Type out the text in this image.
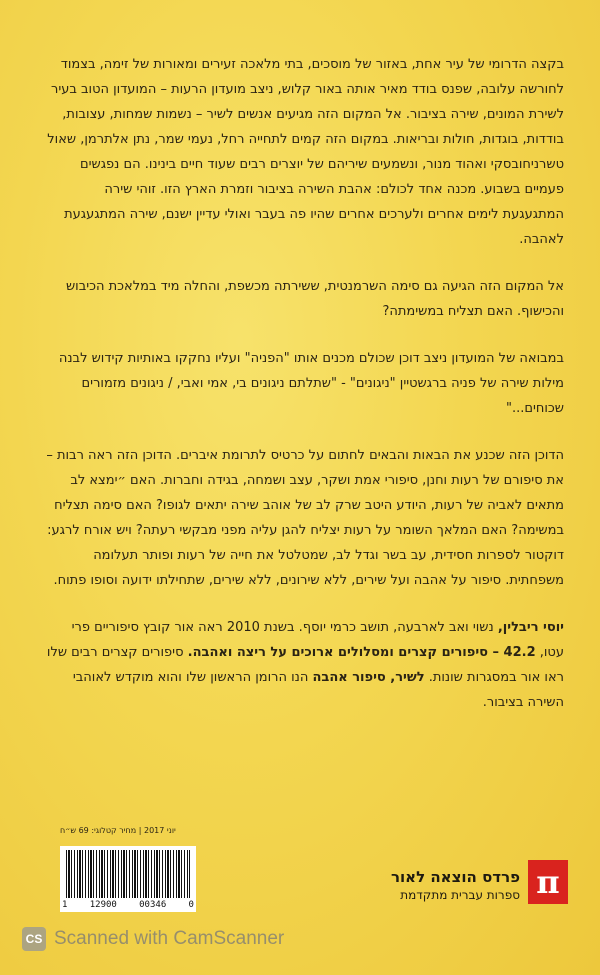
בקצה הדרומי של עיר אחת, באזור של מוסכים, בתי מלאכה זעירים ומאורות של זימה, בצמוד לחורשה עלובה, שפנס בודד מאיר אותה באור קלוש, ניצב מועדון הרעות – המועדון הטוב בעיר לשירת המונים, שירה בציבור. אל המקום הזה מגיעים אנשים לשיר – נשמות שמחות, עצובות, בודדות, בוגדות, חולות ובריאות. במקום הזה קמים לתחייה רחל, נעמי שמר, נתן אלתרמן, שאול טשרניחובסקי ואהוד מנור, ונשמעים שיריהם של יוצרים רבים שעוד חיים בינינו. הם נפגשים פעמיים בשבוע. מכנה אחד לכולם: אהבת השירה בציבור וזמרת הארץ הזו. זוהי שירה המתגעגעת לימים אחרים ולערכים אחרים שהיו פה בעבר ואולי עדיין ישנם, שירה המתגעגעת לאהבה.

אל המקום הזה הגיעה גם סימה השרמנטית, ששירתה מכשפת, והחלה מיד במלאכת הכיבוש והכישוף. האם תצליח במשימתה?

במבואה של המועדון ניצב דוכן שכולם מכנים אותו "הפניה" ועליו נחקקו באותיות קידוש לבנה מילות שירה של פניה ברגשטיין "ניגונים" - "שתלתם ניגונים בי, אמי ואבי, / ניגונים מזמורים שכוחים..."

הדוכן הזה שכנע את הבאות והבאים לחתום על כרטיס לתרומת איברים. הדוכן הזה ראה רבות – את סיפורם של רעות וחנן, סיפורי אמת ושקר, עצב ושמחה, בגידה וחברות. האם ״ימצא לב מתאים לאביה של רעות, היודע היטב שרק לב של אוהב שירה יתאים לגופו? האם סימה תצליח במשימה? האם המלאך השומר על רעות יצליח להגן עליה מפני מבקשי רעתה? ויש אורח לרגע: דוקטור לספרות חסידית, עב בשר וגדל לב, שמטלטל את חייה של רעות ופותר תעלומה משפחתית. סיפור על אהבה ועל שירים, ללא שירונים, ללא שירים, שתחילתו ידועה וסופו פתוח.

יוסי ריבלין, נשוי ואב לארבעה, תושב כרמי יוסף. בשנת 2010 ראה אור קובץ סיפוריים פרי עטו, 42.2 – סיפורים קצרים ומסלולים ארוכים על ריצה ואהבה. סיפורים קצרים רבים שלו ראו אור במסגרות שונות. לשיר, סיפור אהבה הנו הרומן הראשון שלו והוא מוקדש לאוהבי השירה בציבור.

יוני 2017 | מחיר קטלוגי: 69 ש״ח
1 12900 00346 0
פרדס הוצאה לאור
ספרות עברית מתקדמת π
CS Scanned with CamScanner
